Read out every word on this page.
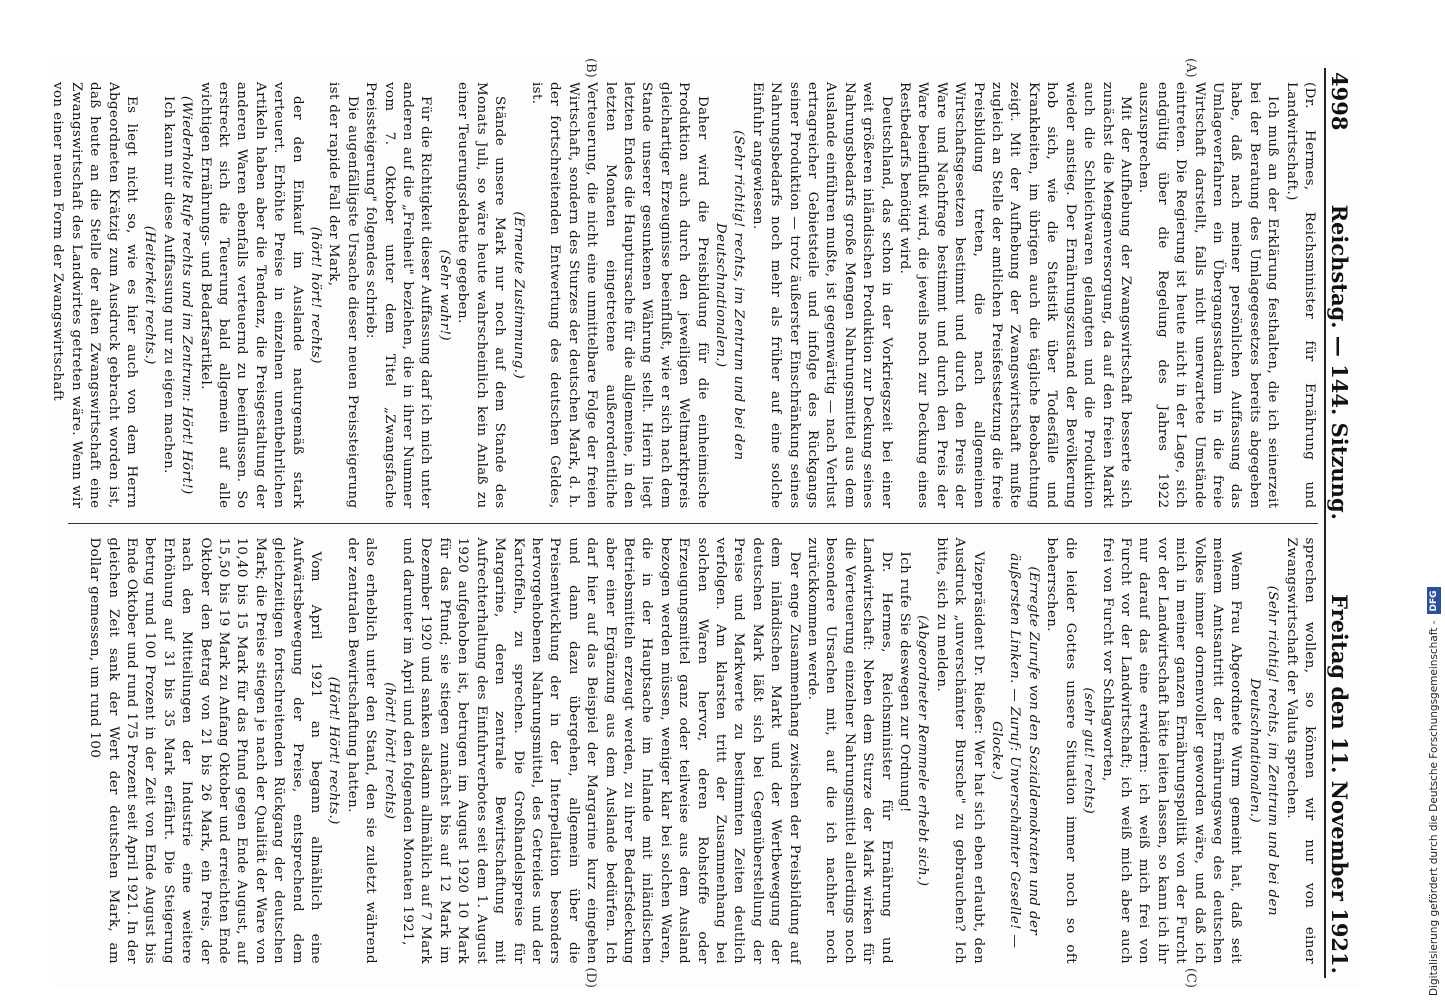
4998
Reichstag. — 144. Sitzung.
Freitag den 11. November 1921.

(Dr. Hermes, Reichsminister für Ernährung und Landwirtschaft.)

Ich muß an der Erklärung festhalten, die ich seinerzeit bei der Beratung des Umlagegesetzes bereits abgegeben habe, daß nach meiner persönlichen Auffassung das Umlageverfahren ein Übergangsstadium in die freie Wirtschaft darstellt, falls nicht unerwartete Umstände eintreten. Die Regierung ist heute nicht in der Lage, sich endgültig über die Regelung des Jahres 1922 auszusprechen.

Mit der Aufhebung der Zwangswirtschaft besserte sich zunächst die Mengenversorgung, da auf den freien Markt auch die Schleichwaren gelangten und die Produktion wieder anstieg. Der Ernährungszustand der Bevölkerung hob sich, wie die Statistik über Todesfälle und Krankheiten, im übrigen auch die tägliche Beobachtung zeigt. Mit der Aufhebung der Zwangswirtschaft mußte zugleich an Stelle der amtlichen Preisfestsetzung die freie Preisbildung treten, die nach allgemeinen Wirtschaftsgesetzen bestimmt und durch den Preis der Ware und Nachfrage bestimmt und durch den Preis der Ware beeinflußt wird, die jeweils noch zur Deckung eines Restbedarfs benötigt wird.

Deutschland, das schon in der Vorkriegszeit bei einer weit größeren inländischen Produktion zur Deckung seines Nahrungsbedarfs große Mengen Nahrungsmittel aus dem Auslande einführen mußte, ist gegenwärtig — nach Verlust ertragreicher Gebietsteile und infolge des Rückgangs seiner Produktion — trotz äußerster Einschränkung seines Nahrungsbedarfs noch mehr als früher auf eine solche Einfuhr angewiesen.

(Sehr richtig! rechts, im Zentrum und bei den Deutschnationalen.)

Daher wird die Preisbildung für die einheimische Produktion auch durch den jeweiligen Weltmarktpreis gleichartiger Erzeugnisse beeinflußt, wie er sich nach dem Stande unserer gesunkenen Währung stellt. Hierin liegt letzten Endes die Hauptursache für die allgemeine, in den letzten Monaten eingetretene außerordentliche Verteuerung, die nicht eine unmittelbare Folge der freien Wirtschaft, sondern des Sturzes der deutschen Mark, d. h. der fortschreitenden Entwertung des deutschen Geldes, ist.

(Erneute Zustimmung.)

Stände unsere Mark nur noch auf dem Stande des Monats Juli, so wäre heute wahrscheinlich kein Anlaß zu einer Teuerungsdebatte gegeben.

(Sehr wahr!)

Für die Richtigkeit dieser Auffassung darf ich mich unter anderen auf die „Freiheit" beziehen, die in ihrer Nummer vom 7. Oktober unter dem Titel „Zwangsfache Preissteigerung" folgendes schrieb:

Die augenfälligste Ursache dieser neuen Preissteigerung ist der rapide Fall der Mark,

(hört! hört! rechts)

der den Einkauf im Auslande naturgemäß stark verteuert. Erhöhte Preise in einzelnen unentbehrlichen Artikeln haben aber die Tendenz, die Preisgestaltung der anderen Waren ebenfalls verteuernd zu beeinflussen. So erstreckt sich die Teuerung bald allgemein auf alle wichtigen Ernährungs- und Bedarfsartikel.

(Wiederholte Rufe rechts und im Zentrum: Hört! Hört!)

Ich kann mir diese Auffassung nur zu eigen machen.

(Heiterkeit rechts.)

Es liegt nicht so, wie es hier auch von dem Herrn Abgeordneten Krätzig zum Ausdruck gebracht worden ist, daß heute an die Stelle der alten Zwangswirtschaft eine Zwangswirtschaft des Landwirtes getreten wäre. Wenn wir von einer neuen Form der Zwangswirtschaft

sprechen wollen, so können wir nur von einer Zwangswirtschaft der Valuta sprechen.

(Sehr richtig! rechts, im Zentrum und bei den Deutschnationalen.)

Wenn Frau Abgeordnete Wurm gemeint hat, daß seit meinem Amtsantritt der Ernährungsweg des deutschen Volkes immer dornenvoller geworden wäre, und daß ich mich in meiner ganzen Ernährungspolitik von der Furcht vor der Landwirtschaft hätte leiten lassen, so kann ich ihr nur darauf das eine erwidern: ich weiß mich frei von Furcht vor der Landwirtschaft; ich weiß mich aber auch frei von Furcht vor Schlagworten,

(sehr gut! rechts)

die leider Gottes unsere Situation immer noch so oft beherrschen.

(Erregte Zurufe von den Sozialdemokraten und der äußersten Linken. — Zuruf: Unverschämter Geselle! — Glocke.)

Vizepräsident Dr. Rießer: Wer hat sich eben erlaubt, den Ausdruck „unverschämter Bursche" zu gebrauchen? Ich bitte, sich zu melden.

(Abgeordneter Remmele erhebt sich.)

Ich rufe Sie deswegen zur Ordnung!

Dr. Hermes, Reichsminister für Ernährung und Landwirtschaft: Neben dem Sturze der Mark wirken für die Verteuerung einzelner Nahrungsmittel allerdings noch besondere Ursachen mit, auf die ich nachher noch zurückkommen werde.

Der enge Zusammenhang zwischen der Preisbildung auf dem inländischen Markt und der Wertbewegung der deutschen Mark läßt sich bei Gegenüberstellung der Preise und Markwerte zu bestimmten Zeiten deutlich verfolgen. Am klarsten tritt der Zusammenhang bei solchen Waren hervor, deren Rohstoffe oder Erzeugungsmittel ganz oder teilweise aus dem Ausland bezogen werden müssen, weniger klar bei solchen Waren, die in der Hauptsache im Inlande mit inländischen Betriebsmitteln erzeugt werden, zu ihrer Bedarfsdeckung aber einer Ergänzung aus dem Auslande bedürfen. Ich darf hier auf das Beispiel der Margarine kurz eingehen und dann dazu übergehen, allgemein über die Preisentwicklung der in der Interpellation besonders hervorgehobenen Nahrungsmittel, des Getreides und der Kartoffeln, zu sprechen. Die Großhandelspreise für Margarine, deren zentrale Bewirtschaftung mit Aufrechterhaltung des Einfuhrverbotes seit dem 1. August 1920 aufgehoben ist, betrugen im August 1920 10 Mark für das Pfund; sie stiegen zunächst bis auf 12 Mark im Dezember 1920 und sanken alsdann allmählich auf 7 Mark und darunter im April und den folgenden Monaten 1921,

(hört! hört! rechts)

also erheblich unter den Stand, den sie zuletzt während der zentralen Bewirtschaftung hatten.

(Hört! Hört! rechts.)

Vom April 1921 an begann allmählich eine Aufwärtsbewegung der Preise, entsprechend dem gleichzeitigen fortschreitenden Rückgang der deutschen Mark; die Preise stiegen je nach der Qualität der Ware von 10,40 bis 15 Mark für das Pfund gegen Ende August, auf 15,50 bis 19 Mark zu Anfang Oktober und erreichten Ende Oktober den Betrag von 21 bis 26 Mark, ein Preis, der nach den Mitteilungen der Industrie eine weitere Erhöhung auf 31 bis 35 Mark erfährt. Die Steigerung betrug rund 100 Prozent in der Zeit von Ende August bis Ende Oktober und rund 175 Prozent seit April 1921. In der gleichen Zeit sank der Wert der deutschen Mark, am Dollar gemessen, um rund 100

(A)
(B)
(C)
(D)	Digitalisierung gefördert durch die Deutsche Forschungsgemeinschaft -
DFG
